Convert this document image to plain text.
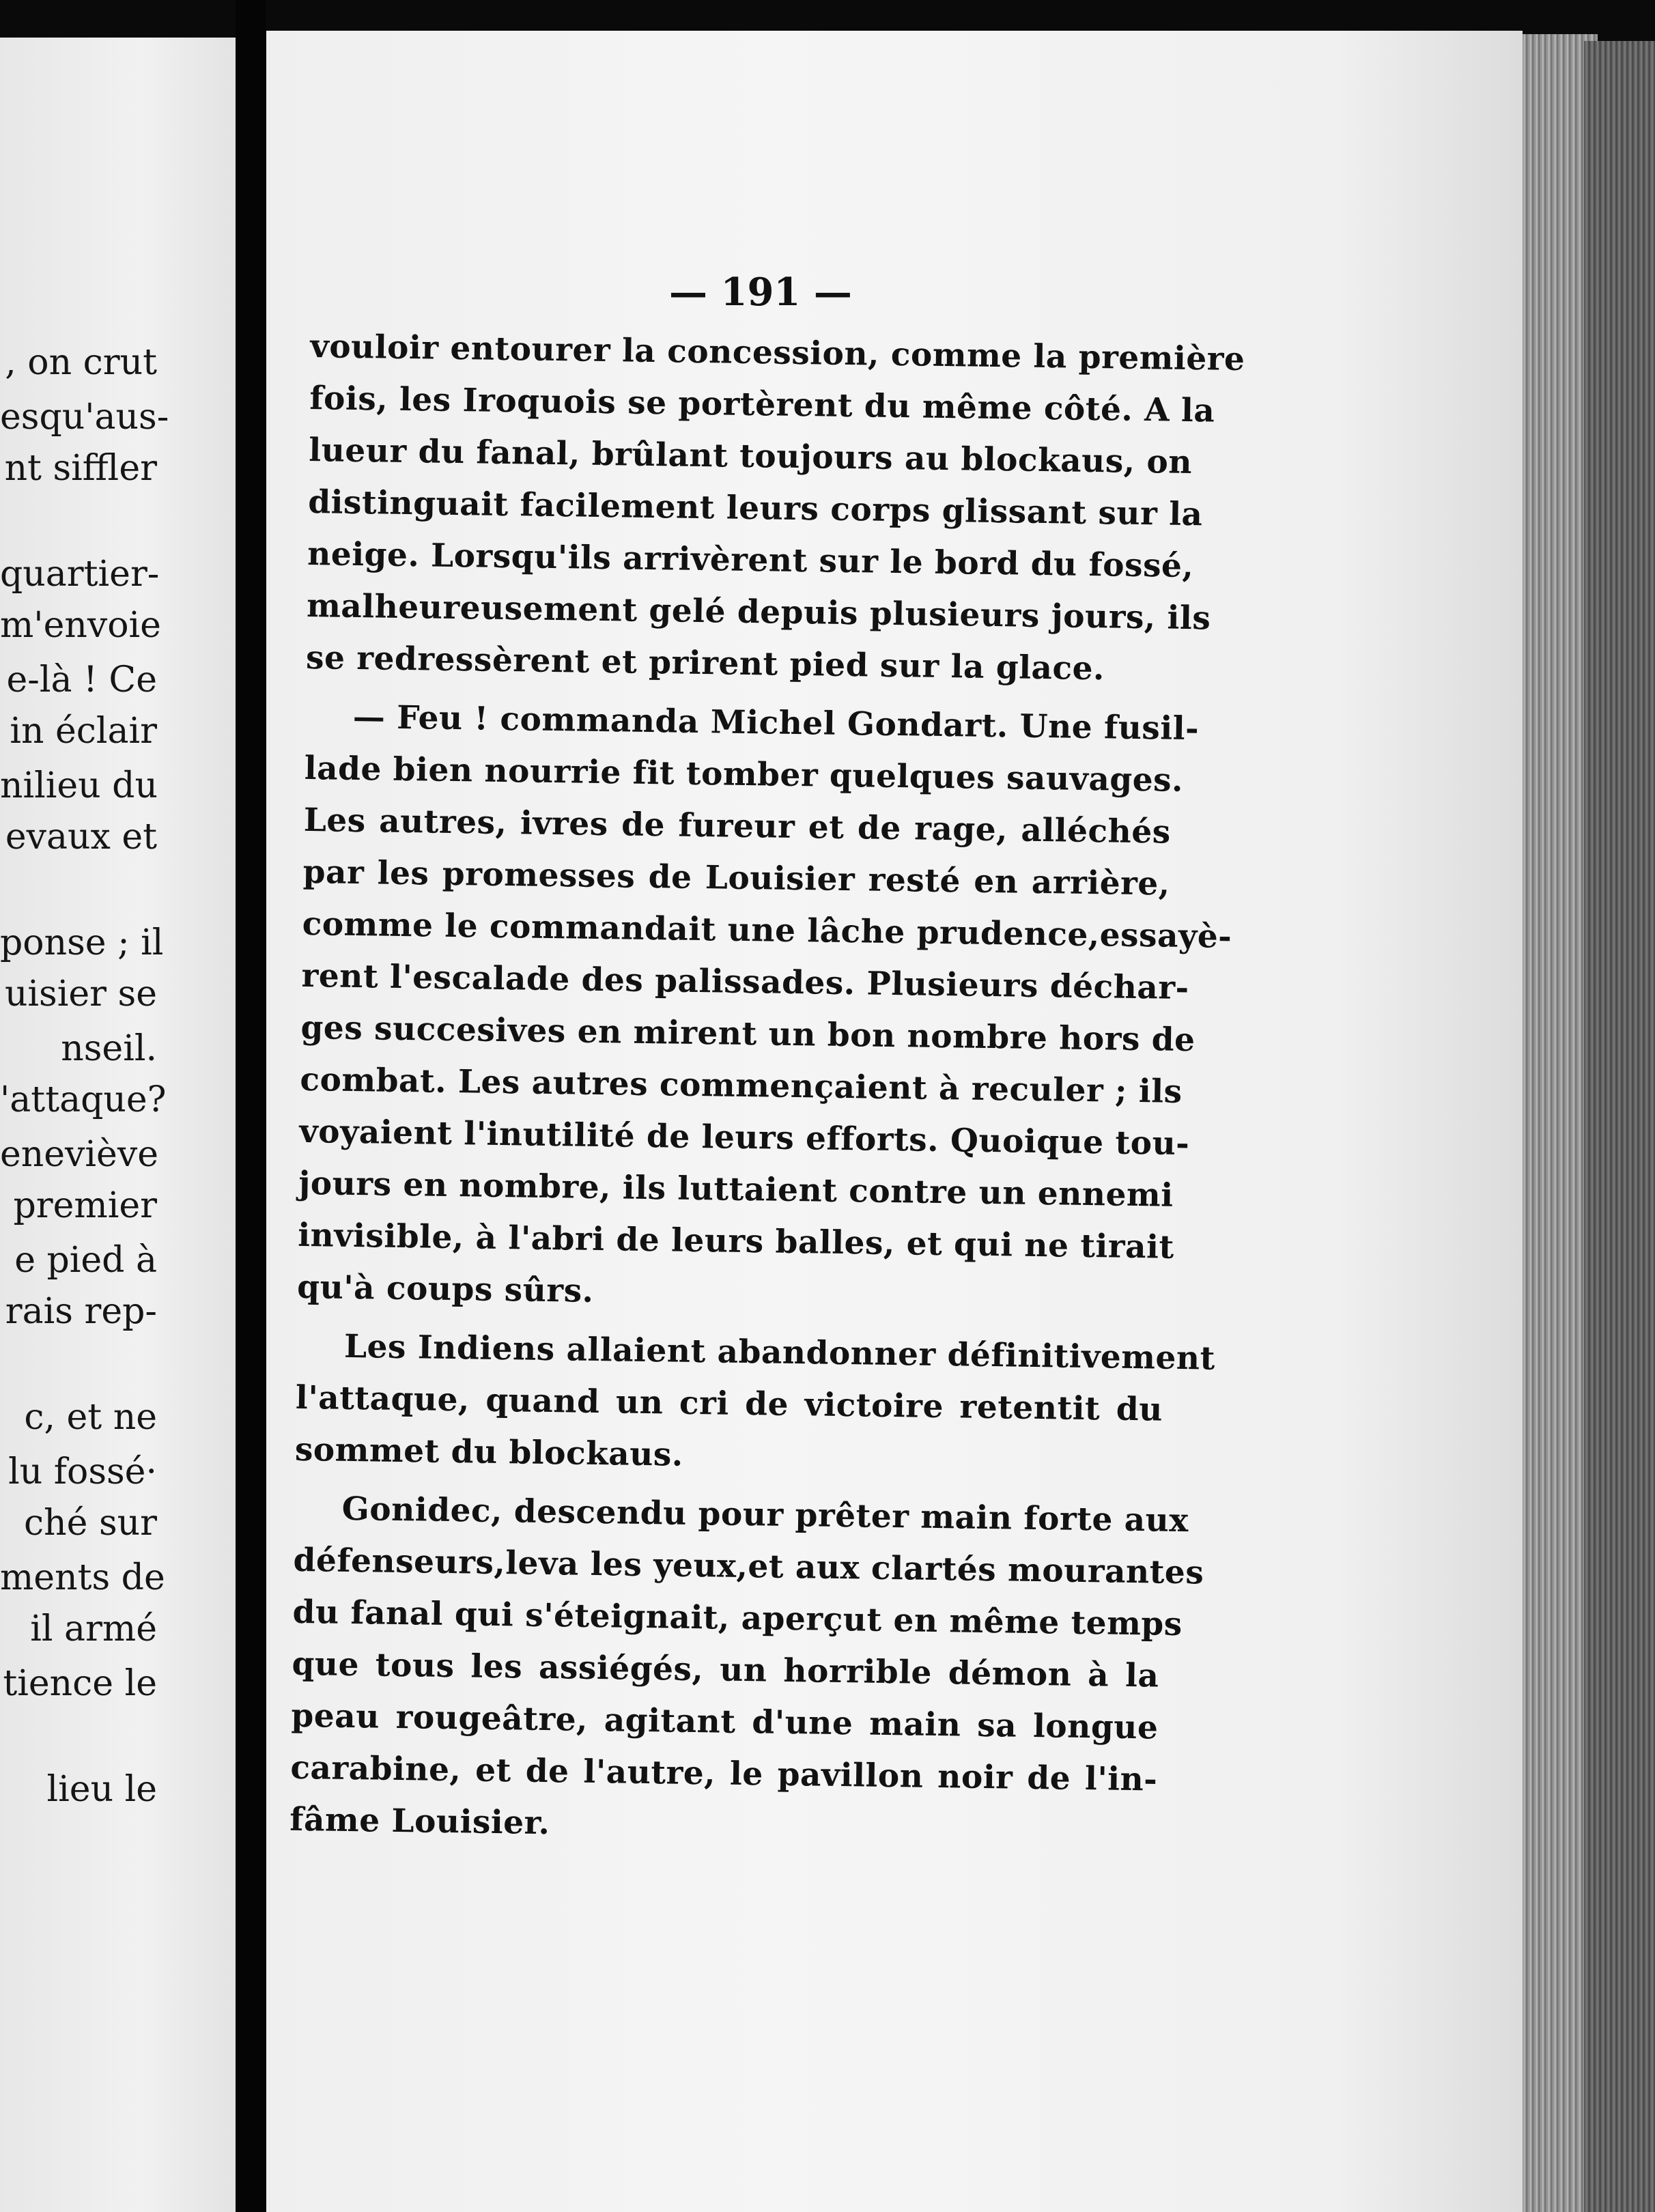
, on crut
esqu'aus-
nt siffler
quartier-
m'envoie
e-là ! Ce
in éclair
nilieu du
evaux et
ponse ; il
uisier se
nseil.
'attaque?
eneviève
premier
e pied à
rais rep-
c, et ne
lu fossé·
ché sur
ments de
il armé
tience le
lieu le
— 191 —
vouloir entourer la concession, comme la première
fois, les Iroquois se portèrent du même côté. A la
lueur du fanal, brûlant toujours au blockaus, on
distinguait facilement leurs corps glissant sur la
neige. Lorsqu'ils arrivèrent sur le bord du fossé,
malheureusement gelé depuis plusieurs jours, ils
se redressèrent et prirent pied sur la glace.
— Feu ! commanda Michel Gondart. Une fusil-
lade bien nourrie fit tomber quelques sauvages.
Les autres, ivres de fureur et de rage, alléchés
par les promesses de Louisier resté en arrière,
comme le commandait une lâche prudence,essayè-
rent l'escalade des palissades. Plusieurs déchar-
ges succesives en mirent un bon nombre hors de
combat. Les autres commençaient à reculer ; ils
voyaient l'inutilité de leurs efforts. Quoique tou-
jours en nombre, ils luttaient contre un ennemi
invisible, à l'abri de leurs balles, et qui ne tirait
qu'à coups sûrs.
Les Indiens allaient abandonner définitivement
l'attaque, quand un cri de victoire retentit du
sommet du blockaus.
Gonidec, descendu pour prêter main forte aux
défenseurs,leva les yeux,et aux clartés mourantes
du fanal qui s'éteignait, aperçut en même temps
que tous les assiégés, un horrible démon à la
peau rougeâtre, agitant d'une main sa longue
carabine, et de l'autre, le pavillon noir de l'in-
fâme Louisier.
